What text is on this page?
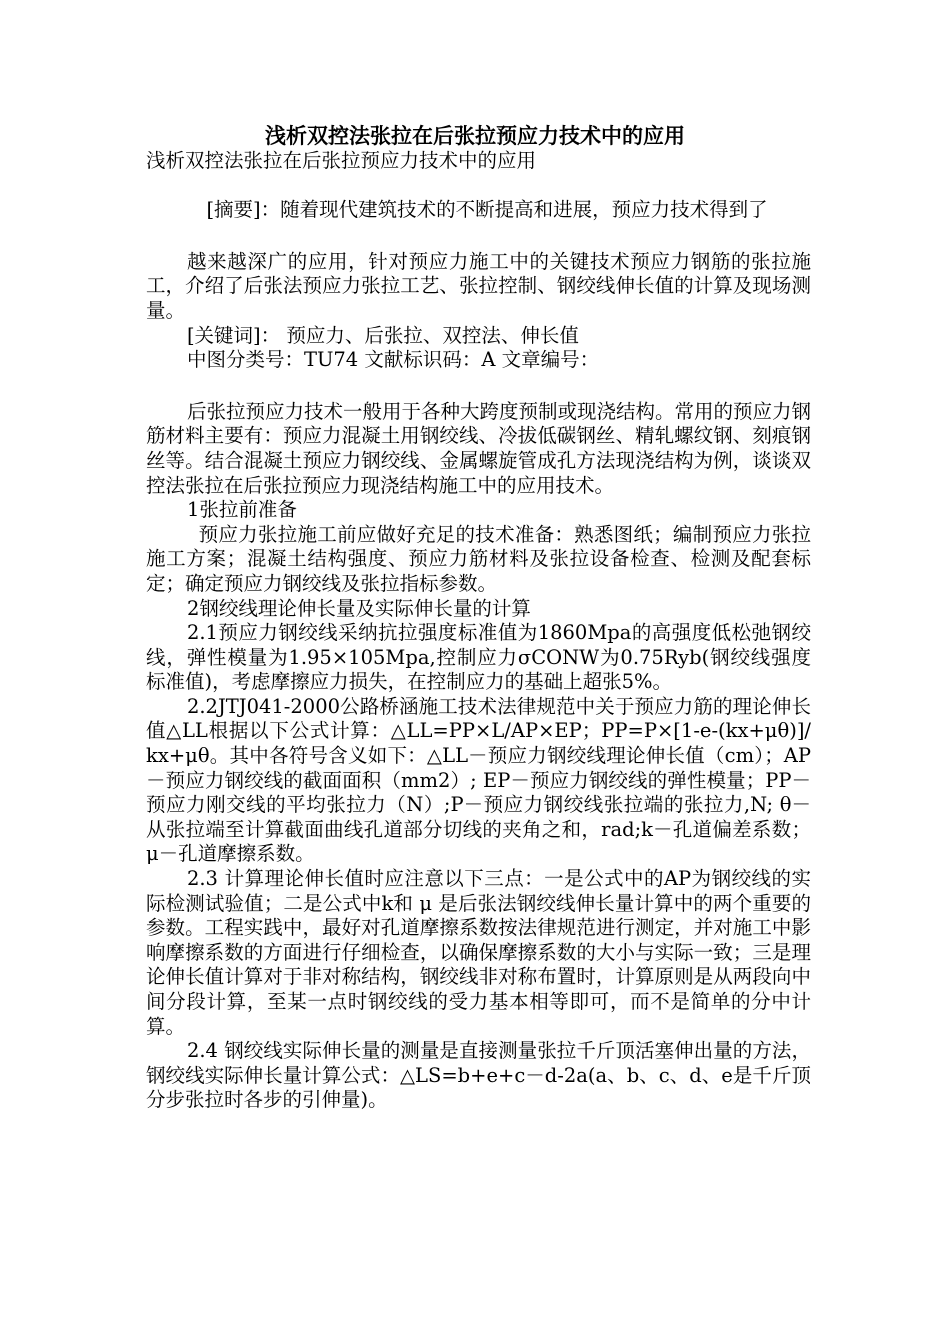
浅析双控法张拉在后张拉预应力技术中的应用

浅析双控法张拉在后张拉预应力技术中的应用

[摘要]：随着现代建筑技术的不断提高和进展，预应力技术得到了

越来越深广的应用，针对预应力施工中的关键技术预应力钢筋的张拉施工，介绍了后张法预应力张拉工艺、张拉控制、钢绞线伸长值的计算及现场测量。

[关键词]： 预应力、后张拉、双控法、伸长值

中图分类号：TU74 文献标识码：A 文章编号：

后张拉预应力技术一般用于各种大跨度预制或现浇结构。常用的预应力钢筋材料主要有：预应力混凝土用钢绞线、冷拔低碳钢丝、精轧螺纹钢、刻痕钢丝等。结合混凝土预应力钢绞线、金属螺旋管成孔方法现浇结构为例，谈谈双控法张拉在后张拉预应力现浇结构施工中的应用技术。

1张拉前准备

预应力张拉施工前应做好充足的技术准备：熟悉图纸；编制预应力张拉施工方案；混凝土结构强度、预应力筋材料及张拉设备检查、检测及配套标定；确定预应力钢绞线及张拉指标参数。

2钢绞线理论伸长量及实际伸长量的计算

2.1预应力钢绞线采纳抗拉强度标准值为1860Mpa的高强度低松弛钢绞线，弹性模量为1.95×105Mpa,控制应力σCONW为0.75Ryb(钢绞线强度标准值)，考虑摩擦应力损失，在控制应力的基础上超张5%。

2.2JTJ041-2000公路桥涵施工技术法律规范中关于预应力筋的理论伸长值△LL根据以下公式计算：△LL=PP×L/AP×EP；PP=P×[1-e-(kx+μθ)]/ kx+μθ。其中各符号含义如下：△LL－预应力钢绞线理论伸长值（cm）；AP－预应力钢绞线的截面面积（mm2）; EP－预应力钢绞线的弹性模量；PP－预应力刚交线的平均张拉力（N）;P－预应力钢绞线张拉端的张拉力,N; θ－从张拉端至计算截面曲线孔道部分切线的夹角之和，rad;k－孔道偏差系数；μ－孔道摩擦系数。

2.3 计算理论伸长值时应注意以下三点：一是公式中的AP为钢绞线的实际检测试验值；二是公式中k和 μ 是后张法钢绞线伸长量计算中的两个重要的参数。工程实践中，最好对孔道摩擦系数按法律规范进行测定，并对施工中影响摩擦系数的方面进行仔细检查，以确保摩擦系数的大小与实际一致；三是理论伸长值计算对于非对称结构，钢绞线非对称布置时，计算原则是从两段向中间分段计算，至某一点时钢绞线的受力基本相等即可，而不是简单的分中计算。

2.4 钢绞线实际伸长量的测量是直接测量张拉千斤顶活塞伸出量的方法，钢绞线实际伸长量计算公式：△LS=b+e+c－d-2a(a、b、c、d、e是千斤顶分步张拉时各步的引伸量)。
